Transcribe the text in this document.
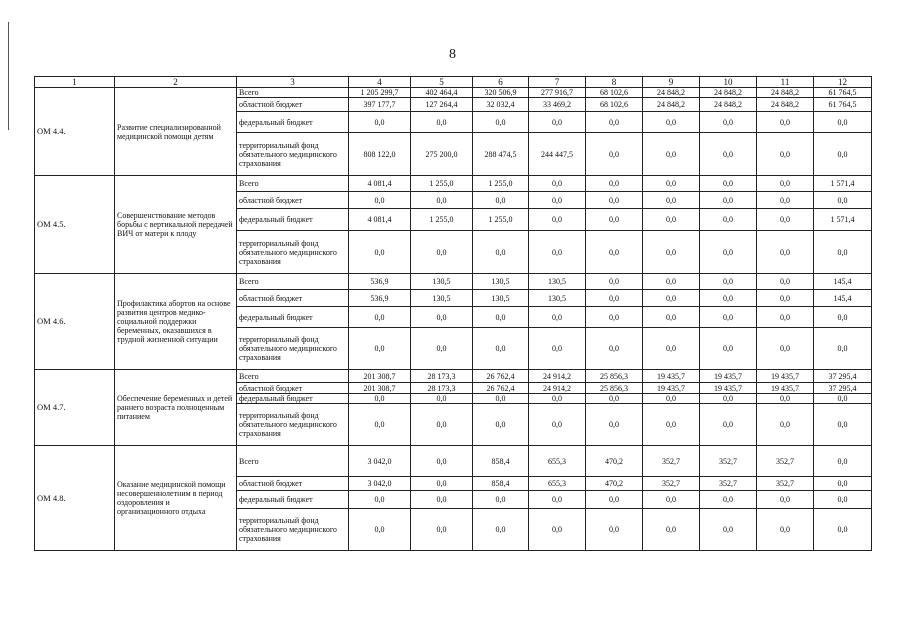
8
1	2	3	4	5	6	7	8	9	10	11	12
ОМ 4.4.	Развитие специализированной медицинской помощи детям	Всего	1 205 299,7	402 464,4	320 506,9	277 916,7	68 102,6	24 848,2	24 848,2	24 848,2	61 764,5
		областной бюджет	397 177,7	127 264,4	32 032,4	33 469,2	68 102,6	24 848,2	24 848,2	24 848,2	61 764,5
		федеральный бюджет	0,0	0,0	0,0	0,0	0,0	0,0	0,0	0,0	0,0
		территориальный фонд обязательного медицинского страхования	808 122,0	275 200,0	288 474,5	244 447,5	0,0	0,0	0,0	0,0	0,0
ОМ 4.5.	Совершенствование методов борьбы с вертикальной передачей ВИЧ от матери к плоду	Всего	4 081,4	1 255,0	1 255,0	0,0	0,0	0,0	0,0	0,0	1 571,4
		областной бюджет	0,0	0,0	0,0	0,0	0,0	0,0	0,0	0,0	0,0
		федеральный бюджет	4 081,4	1 255,0	1 255,0	0,0	0,0	0,0	0,0	0,0	1 571,4
		территориальный фонд обязательного медицинского страхования	0,0	0,0	0,0	0,0	0,0	0,0	0,0	0,0	0,0
ОМ 4.6.	Профилактика абортов на основе развития центров медико-социальной поддержки беременных, оказавшихся в трудной жизненной ситуации	Всего	536,9	130,5	130,5	130,5	0,0	0,0	0,0	0,0	145,4
		областной бюджет	536,9	130,5	130,5	130,5	0,0	0,0	0,0	0,0	145,4
		федеральный бюджет	0,0	0,0	0,0	0,0	0,0	0,0	0,0	0,0	0,0
		территориальный фонд обязательного медицинского страхования	0,0	0,0	0,0	0,0	0,0	0,0	0,0	0,0	0,0
ОМ 4.7.	Обеспечение беременных и детей раннего возраста полноценным питанием	Всего	201 308,7	28 173,3	26 762,4	24 914,2	25 856,3	19 435,7	19 435,7	19 435,7	37 295,4
		областной бюджет	201 308,7	28 173,3	26 762,4	24 914,2	25 856,3	19 435,7	19 435,7	19 435,7	37 295,4
		федеральный бюджет	0,0	0,0	0,0	0,0	0,0	0,0	0,0	0,0	0,0
		территориальный фонд обязательного медицинского страхования	0,0	0,0	0,0	0,0	0,0	0,0	0,0	0,0	0,0
ОМ 4.8.	Оказание медицинской помощи несовершеннолетним в период оздоровления и организационного отдыха	Всего	3 042,0	0,0	858,4	655,3	470,2	352,7	352,7	352,7	0,0
		областной бюджет	3 042,0	0,0	858,4	655,3	470,2	352,7	352,7	352,7	0,0
		федеральный бюджет	0,0	0,0	0,0	0,0	0,0	0,0	0,0	0,0	0,0
		территориальный фонд обязательного медицинского страхования	0,0	0,0	0,0	0,0	0,0	0,0	0,0	0,0	0,0
